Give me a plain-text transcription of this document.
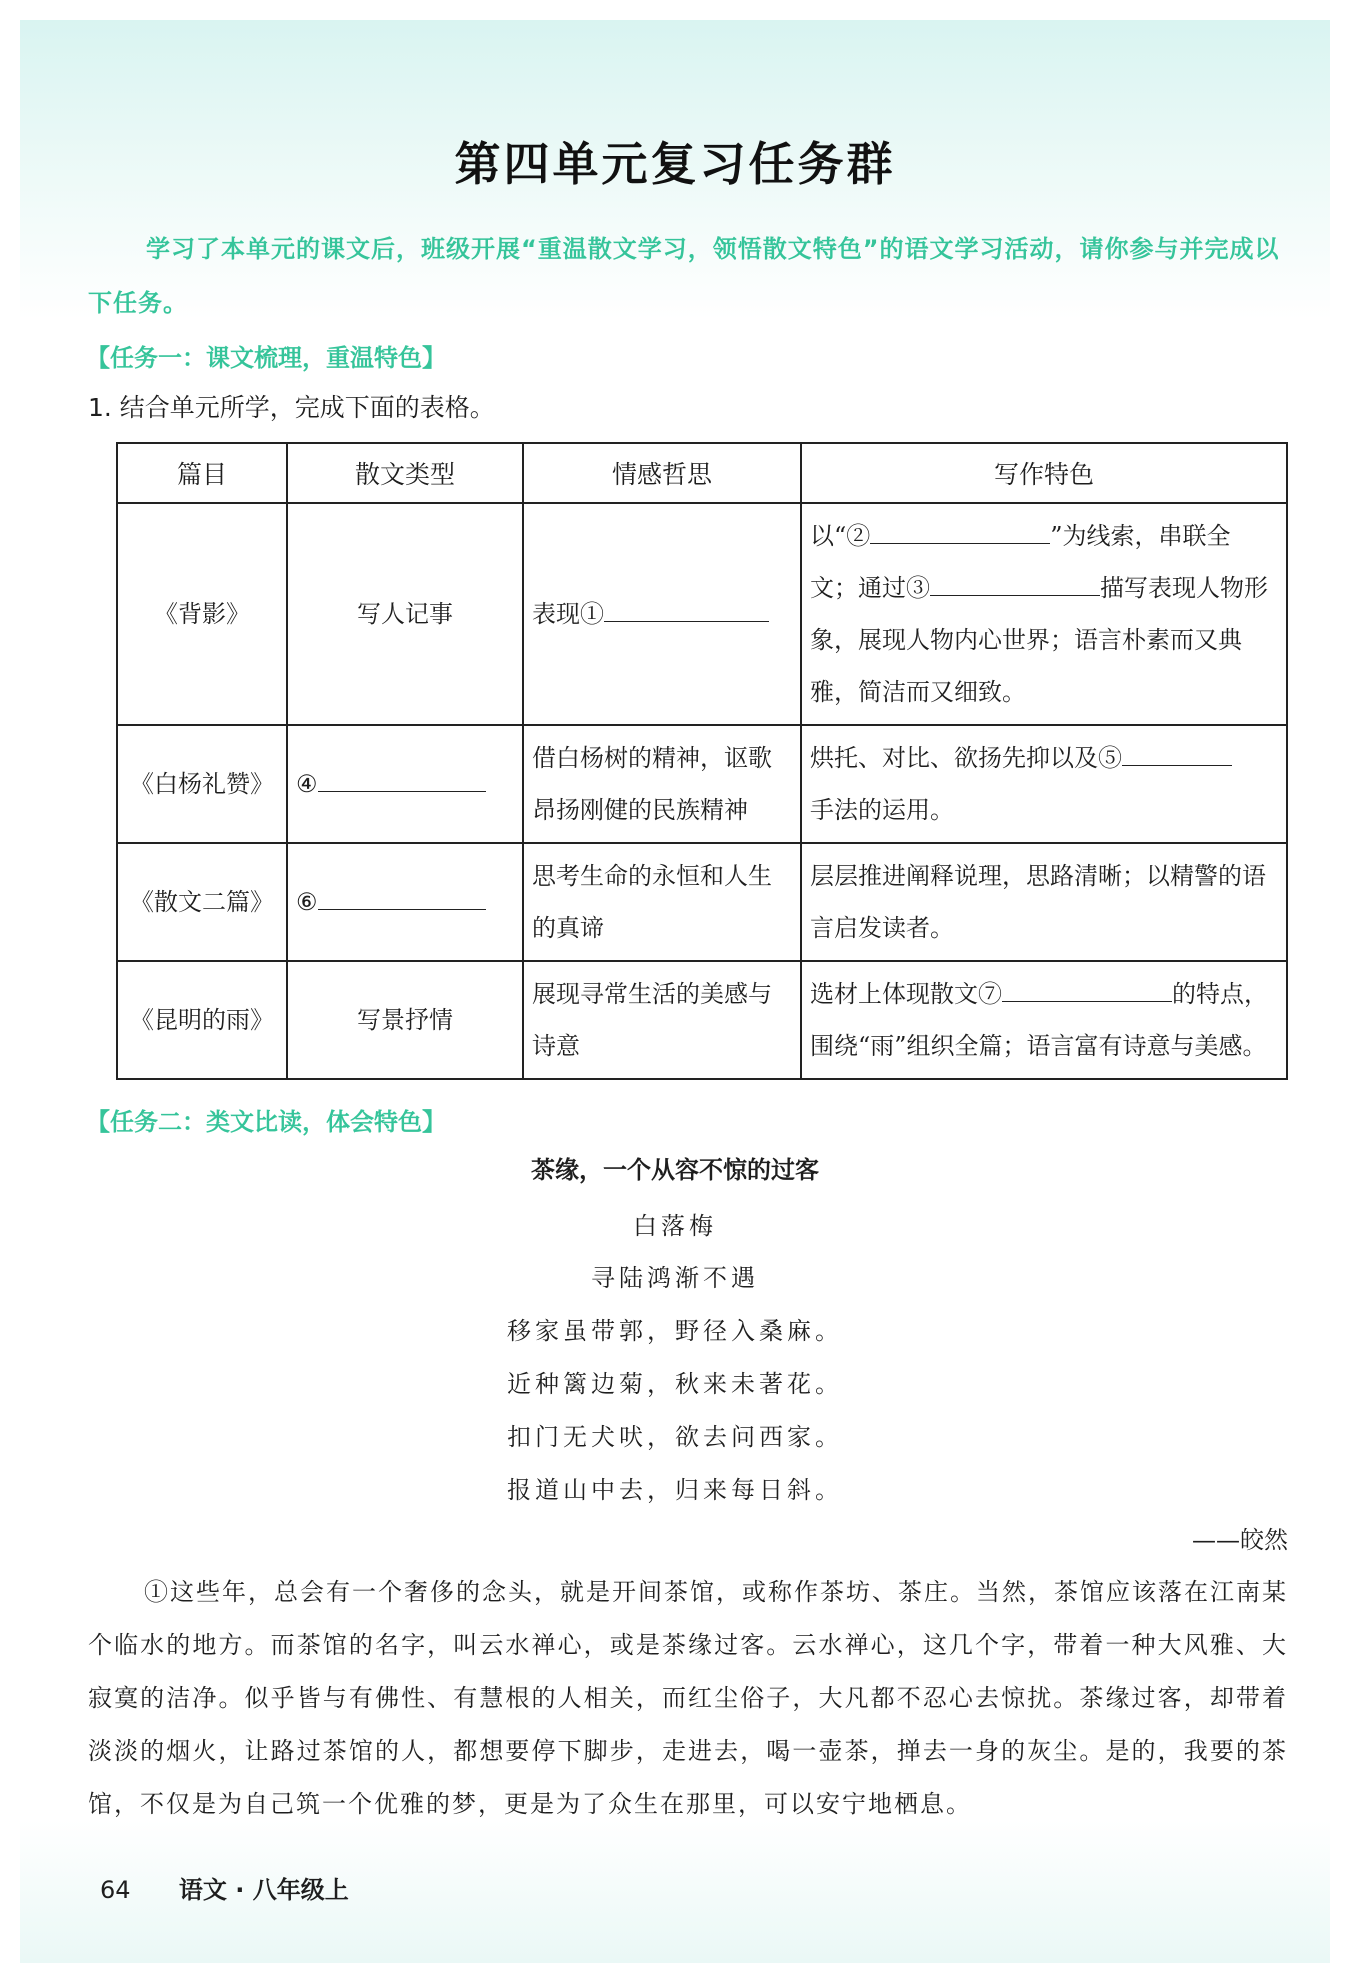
第四单元复习任务群
学习了本单元的课文后，班级开展“重温散文学习，领悟散文特色”的语文学习活动，请你参与并完成以下任务。
【任务一：课文梳理，重温特色】
1. 结合单元所学，完成下面的表格。
篇目	散文类型	情感哲思	写作特色
《背影》	写人记事	表现①	以“② ”为线索，串联全文；通过③ 描写表现人物形象，展现人物内心世界；语言朴素而又典雅，简洁而又细致。
《白杨礼赞》	④	借白杨树的精神，讴歌昂扬刚健的民族精神	烘托、对比、欲扬先抑以及⑤
手法的运用。
《散文二篇》	⑥	思考生命的永恒和人生的真谛	层层推进阐释说理，思路清晰；以精警的语言启发读者。
《昆明的雨》	写景抒情	展现寻常生活的美感与诗意	选材上体现散文⑦ 的特点，围绕“雨”组织全篇；语言富有诗意与美感。
【任务二：类文比读，体会特色】
茶缘，一个从容不惊的过客
白落梅
寻陆鸿渐不遇
移家虽带郭，野径入桑麻。
近种篱边菊，秋来未著花。
扣门无犬吠，欲去问西家。
报道山中去，归来每日斜。
——皎然
①这些年，总会有一个奢侈的念头，就是开间茶馆，或称作茶坊、茶庄。当然，茶馆应该落在江南某个临水的地方。而茶馆的名字，叫云水禅心，或是茶缘过客。云水禅心，这几个字，带着一种大风雅、大寂寞的洁净。似乎皆与有佛性、有慧根的人相关，而红尘俗子，大凡都不忍心去惊扰。茶缘过客，却带着淡淡的烟火，让路过茶馆的人，都想要停下脚步，走进去，喝一壶茶，掸去一身的灰尘。是的，我要的茶馆，不仅是为自己筑一个优雅的梦，更是为了众生在那里，可以安宁地栖息。
64 语文 · 八年级上
